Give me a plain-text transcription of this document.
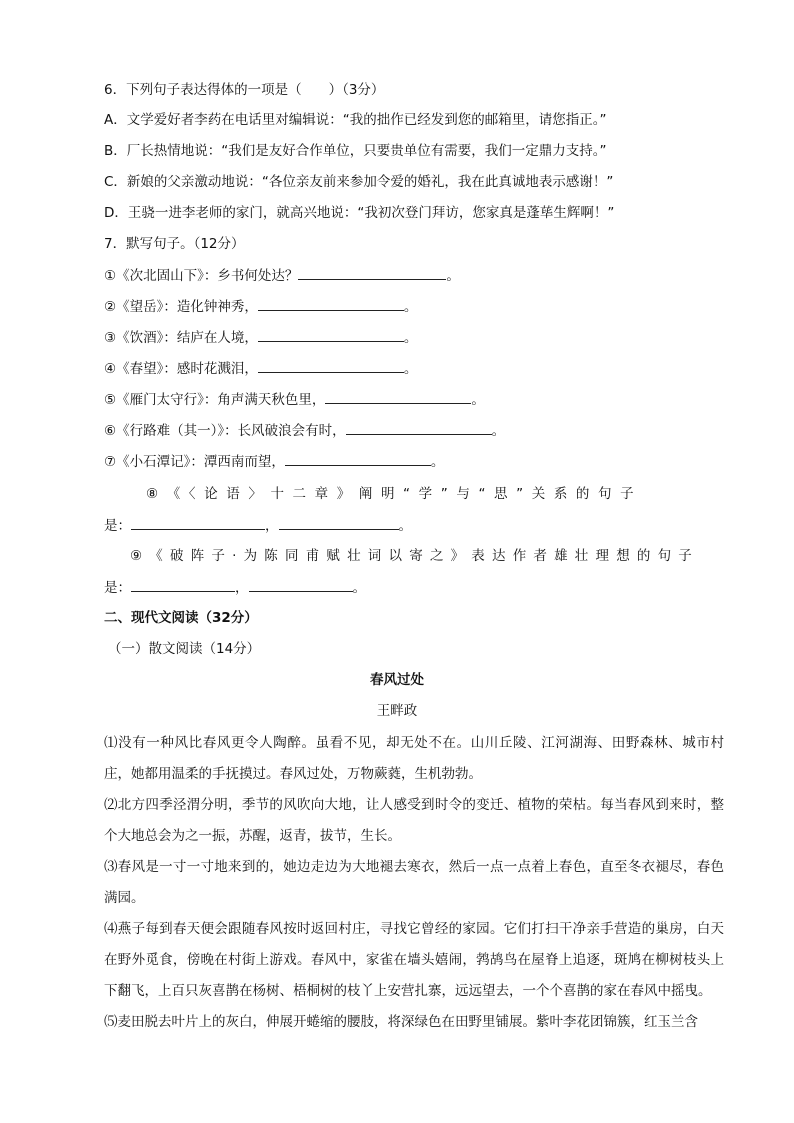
6．下列句子表达得体的一项是（　　）（3分）
A．文学爱好者李药在电话里对编辑说：“我的拙作已经发到您的邮箱里，请您指正。”
B．厂长热情地说：“我们是友好合作单位，只要贵单位有需要，我们一定鼎力支持。”
C．新娘的父亲激动地说：“各位亲友前来参加令爱的婚礼，我在此真诚地表示感谢！”
D．王骁一进李老师的家门，就高兴地说：“我初次登门拜访，您家真是蓬荜生辉啊！”
7．默写句子。（12分）
①《次北固山下》：乡书何处达？	。
②《望岳》：造化钟神秀，	。
③《饮酒》：结庐在人境，	。
④《春望》：感时花溅泪，	。
⑤《雁门太守行》：角声满天秋色里，	。
⑥《行路难（其一）》：长风破浪会有时，	。
⑦《小石潭记》：潭西南而望，	。
⑧《〈论语〉十二章》阐明“学”与“思”关系的句子
是：	，	。
⑨《破阵子·为陈同甫赋壮词以寄之》表达作者雄壮理想的句子
是：	，	。
二、现代文阅读（32分）
（一）散文阅读（14分）
春风过处
王畔政
⑴没有一种风比春风更令人陶醉。虽看不见，却无处不在。山川丘陵、江河湖海、田野森林、城市村庄，她都用温柔的手抚摸过。春风过处，万物蕨蕤，生机勃勃。
⑵北方四季泾渭分明，季节的风吹向大地，让人感受到时令的变迁、植物的荣枯。每当春风到来时，整个大地总会为之一振，苏醒，返青，拔节，生长。
⑶春风是一寸一寸地来到的，她边走边为大地褪去寒衣，然后一点一点着上春色，直至冬衣褪尽，春色满园。
⑷燕子每到春天便会跟随春风按时返回村庄，寻找它曾经的家园。它们打扫干净亲手营造的巢房，白天在野外觅食，傍晚在村街上游戏。春风中，家雀在墙头嬉闹，鹁鸪鸟在屋脊上追逐，斑鸠在柳树枝头上下翻飞，上百只灰喜鹊在杨树、梧桐树的枝丫上安营扎寨，远远望去，一个个喜鹊的家在春风中摇曳。
⑸麦田脱去叶片上的灰白，伸展开蜷缩的腰肢，将深绿色在田野里铺展。紫叶李花团锦簇，红玉兰含
